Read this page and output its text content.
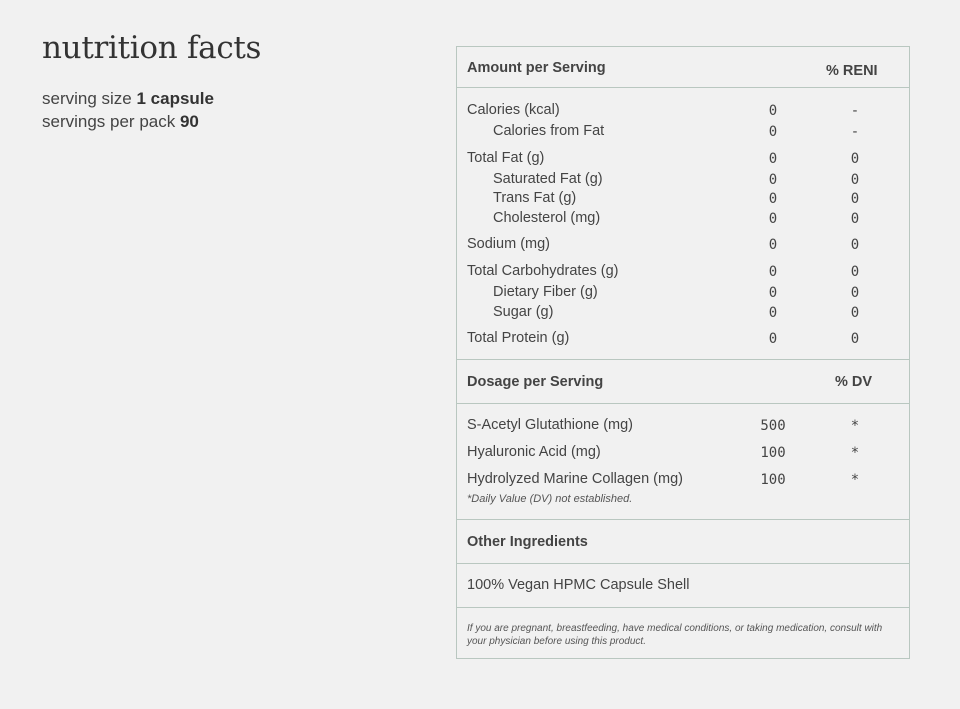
nutrition facts
serving size 1 capsule
servings per pack 90
Amount per Serving	% RENI
Calories (kcal)	0	-
Calories from Fat	0	-
Total Fat (g)	0	0
Saturated Fat (g)	0	0
Trans Fat (g)	0	0
Cholesterol (mg)	0	0
Sodium (mg)	0	0
Total Carbohydrates (g)	0	0
Dietary Fiber (g)	0	0
Sugar (g)	0	0
Total Protein (g)	0	0
Dosage per Serving	% DV
S-Acetyl Glutathione (mg)	500	*
Hyaluronic Acid (mg)	100	*
Hydrolyzed Marine Collagen (mg)	100	*
*Daily Value (DV) not established.
Other Ingredients
100% Vegan HPMC Capsule Shell
If you are pregnant, breastfeeding, have medical conditions, or taking medication, consult with your physician before using this product.
